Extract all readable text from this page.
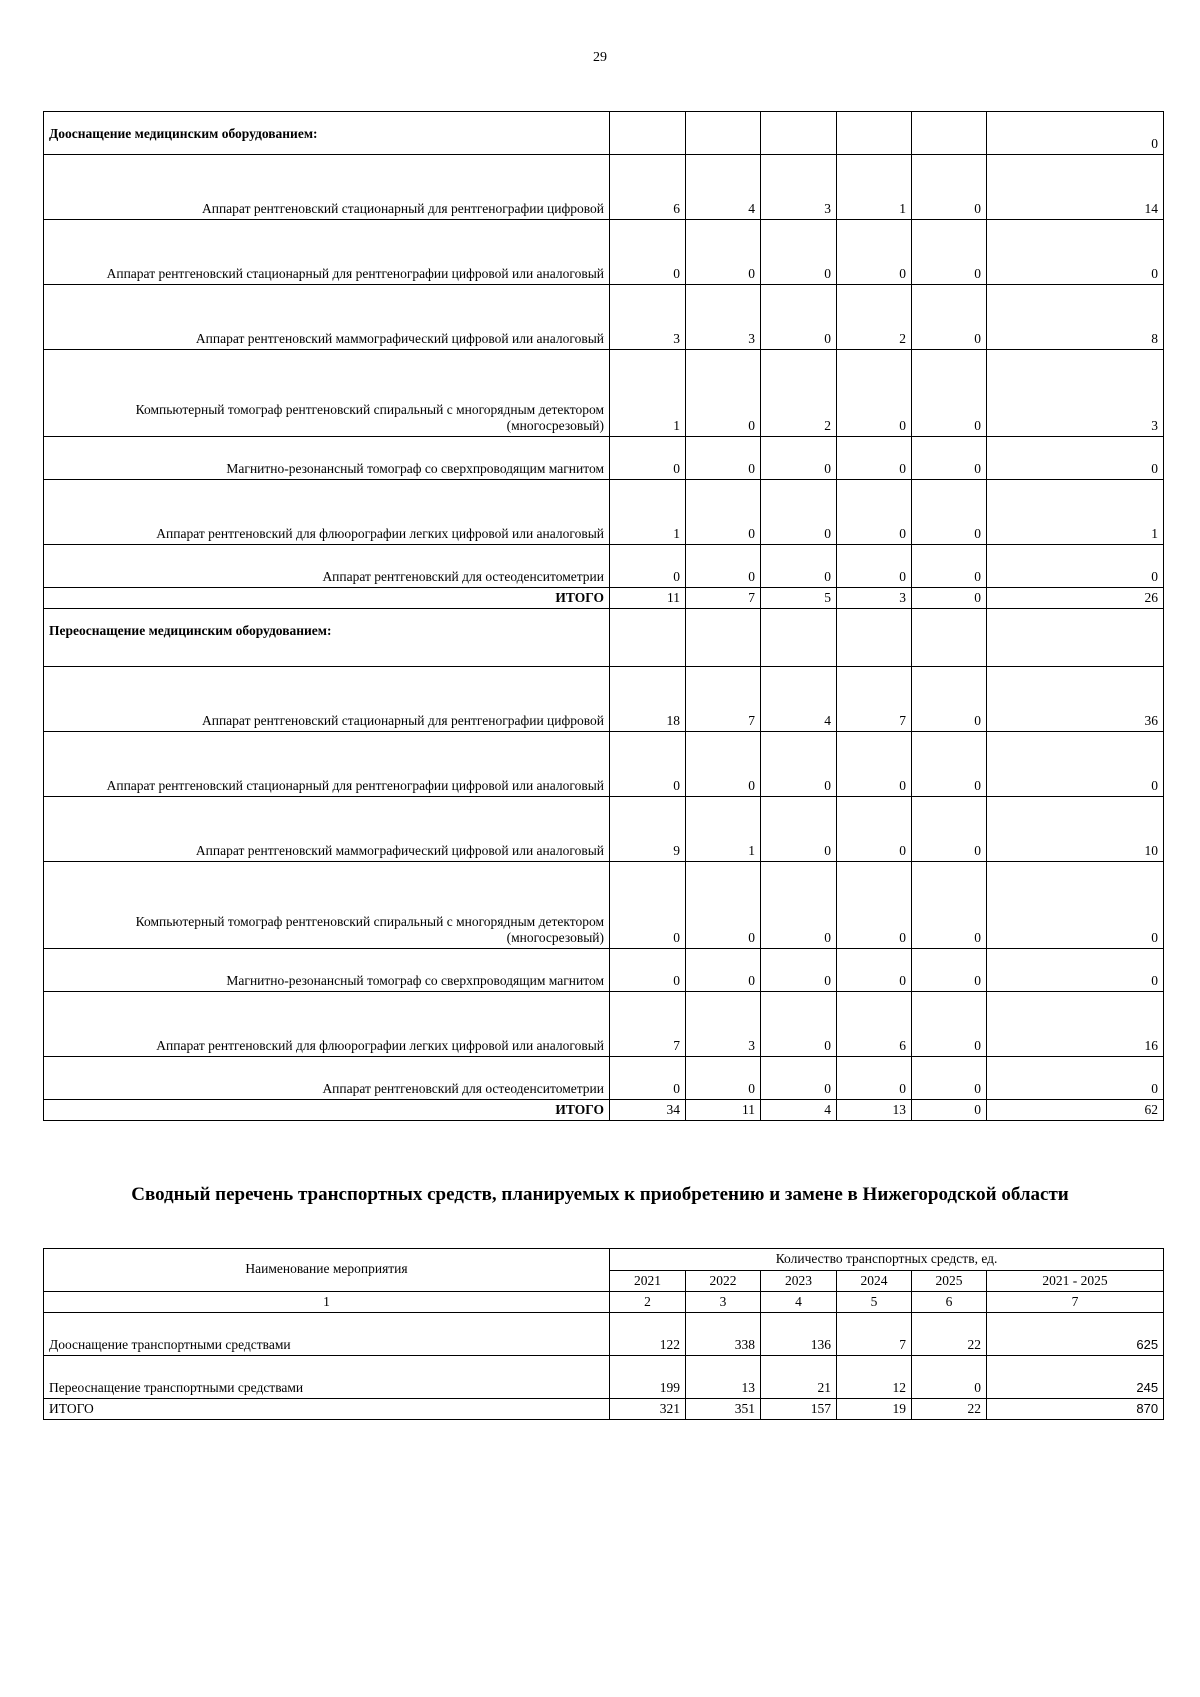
29
Дооснащение медицинским оборудованием:						0
Аппарат рентгеновский стационарный для рентгенографии цифровой	6	4	3	1	0	14
Аппарат рентгеновский стационарный для рентгенографии цифровой или аналоговый	0	0	0	0	0	0
Аппарат рентгеновский маммографический цифровой или аналоговый	3	3	0	2	0	8
Компьютерный томограф рентгеновский спиральный с многорядным детектором (многосрезовый)	1	0	2	0	0	3
Магнитно-резонансный томограф со сверхпроводящим магнитом	0	0	0	0	0	0
Аппарат рентгеновский для флюорографии легких цифровой или аналоговый	1	0	0	0	0	1
Аппарат рентгеновский для остеоденситометрии	0	0	0	0	0	0
ИТОГО	11	7	5	3	0	26
Переоснащение медицинским оборудованием:						
Аппарат рентгеновский стационарный для рентгенографии цифровой	18	7	4	7	0	36
Аппарат рентгеновский стационарный для рентгенографии цифровой или аналоговый	0	0	0	0	0	0
Аппарат рентгеновский маммографический цифровой или аналоговый	9	1	0	0	0	10
Компьютерный томограф рентгеновский спиральный с многорядным детектором (многосрезовый)	0	0	0	0	0	0
Магнитно-резонансный томограф со сверхпроводящим магнитом	0	0	0	0	0	0
Аппарат рентгеновский для флюорографии легких цифровой или аналоговый	7	3	0	6	0	16
Аппарат рентгеновский для остеоденситометрии	0	0	0	0	0	0
ИТОГО	34	11	4	13	0	62
Сводный перечень транспортных средств, планируемых к приобретению и замене в Нижегородской области
Наименование мероприятия	Количество транспортных средств, ед.					
	2021	2022	2023	2024	2025	2021 - 2025
1	2	3	4	5	6	7
Дооснащение транспортными средствами	122	338	136	7	22	625
Переоснащение транспортными средствами	199	13	21	12	0	245
ИТОГО	321	351	157	19	22	870
